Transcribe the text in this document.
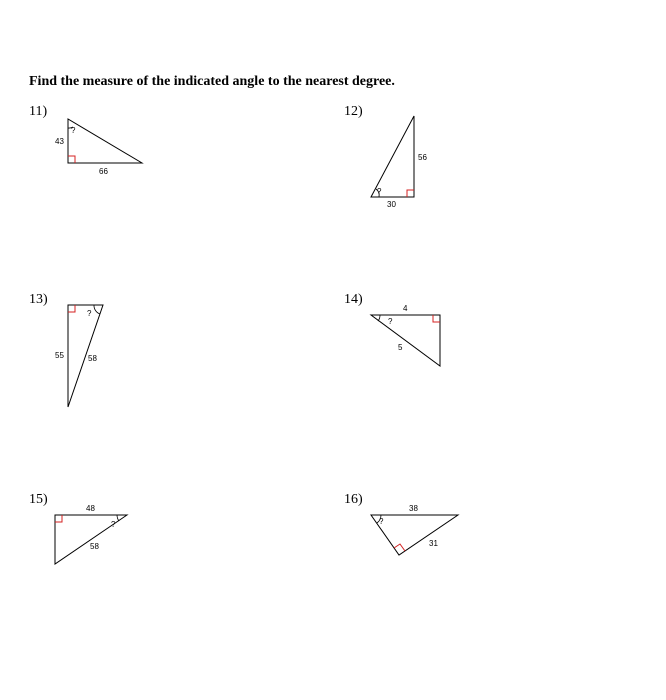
Find the measure of the indicated angle to the nearest degree.
11)	12)
13)	14)
15)	16)
43
66
?
56
30
?
55	58
?
4
5
?
48
58
?
38
31
?
